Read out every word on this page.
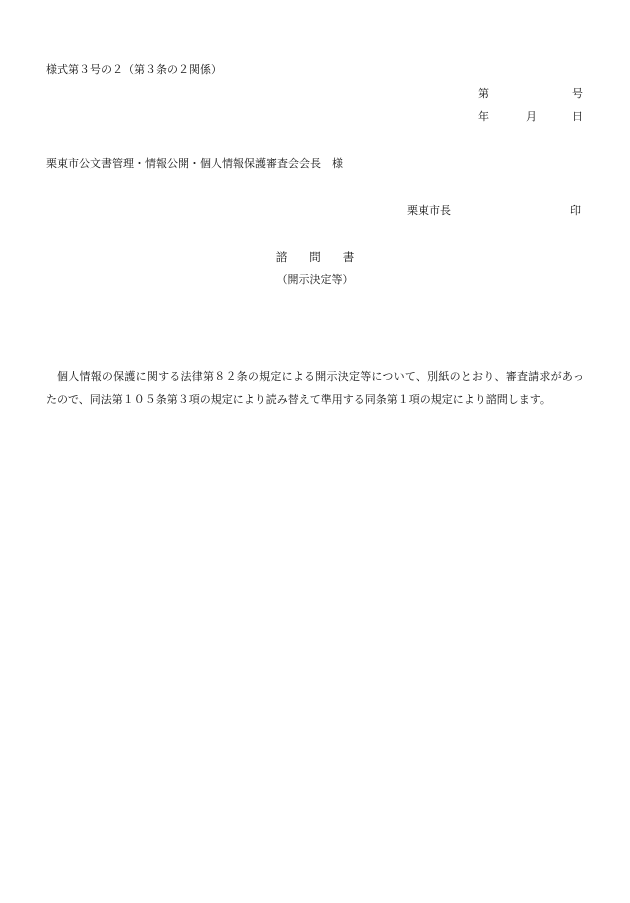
様式第３号の２（第３条の２関係）
第	号
年	月	日
栗東市公文書管理・情報公開・個人情報保護審査会会長　様
栗東市長	印
諮 問 書
（開示決定等）
個人情報の保護に関する法律第８２条の規定による開示決定等について、別紙のとおり、審査請求があったので、同法第１０５条第３項の規定により読み替えて準用する同条第１項の規定により諮問します。
